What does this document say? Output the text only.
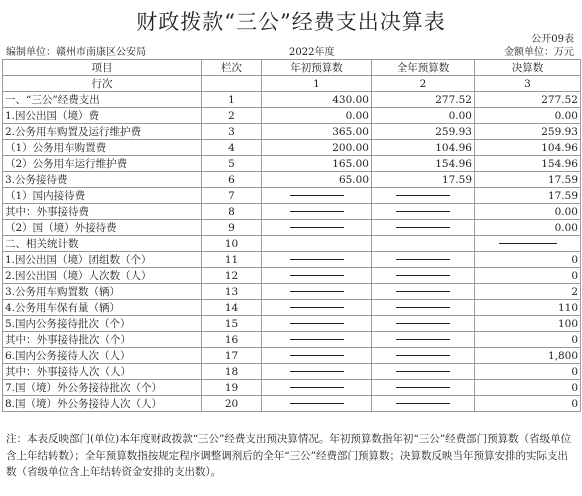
财政拨款“三公”经费支出决算表
公开09表
编制单位：赣州市南康区公安局	2022年度	金额单位：万元
项目	栏次	年初预算数	全年预算数	决算数
行次		1	2	3
一、“三公”经费支出	1	430.00	277.52	277.52
1.因公出国（境）费	2	0.00	0.00	0.00
2.公务用车购置及运行维护费	3	365.00	259.93	259.93
（1）公务用车购置费	4	200.00	104.96	104.96
（2）公务用车运行维护费	5	165.00	154.96	154.96
3.公务接待费	6	65.00	17.59	17.59
（1）国内接待费	7			17.59
其中：外事接待费	8			0.00
（2）国（境）外接待费	9			0.00
二、相关统计数	10			

1.因公出国（境）团组数（个）	11			0
2.因公出国（境）人次数（人）	12			0
3.公务用车购置数（辆）	13			2
4.公务用车保有量（辆）	14			110
5.国内公务接待批次（个）	15			100
其中：外事接待批次（个）	16			0
6.国内公务接待人次（人）	17			1,800
其中：外事接待人次（人）	18			0
7.国（境）外公务接待批次（个）	19			0
8.国（境）外公务接待人次（人）	20			0
注：本表反映部门(单位)本年度财政拨款“三公”经费支出预决算情况。年初预算数指年初“三公”经费部门预算数（省级单位含上年结转数）；全年预算数指按规定程序调整调剂后的全年“三公”经费部门预算数；决算数反映当年预算安排的实际支出数（省级单位含上年结转资金安排的支出数）。
